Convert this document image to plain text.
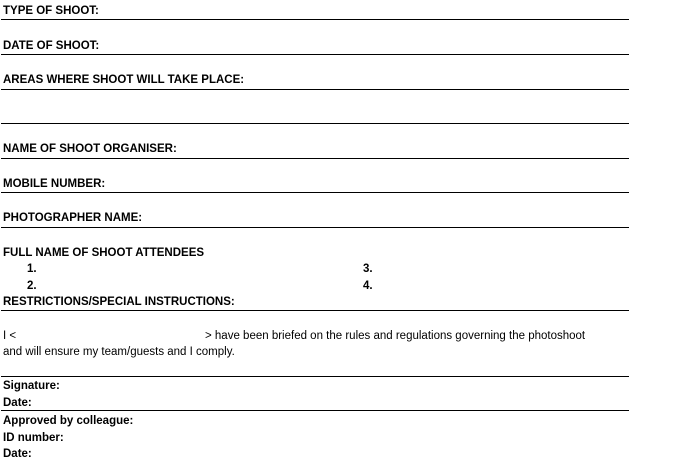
TYPE OF SHOOT:
DATE OF SHOOT:
AREAS WHERE SHOOT WILL TAKE PLACE:
NAME OF SHOOT ORGANISER:
MOBILE NUMBER:
PHOTOGRAPHER NAME:
FULL NAME OF SHOOT ATTENDEES
1.
2.
3.
4.
RESTRICTIONS/SPECIAL INSTRUCTIONS:
I <	> have been briefed on the rules and regulations governing the photoshoot
and will ensure my team/guests and I comply.
Signature:
Date:
Approved by colleague:
ID number:
Date:
